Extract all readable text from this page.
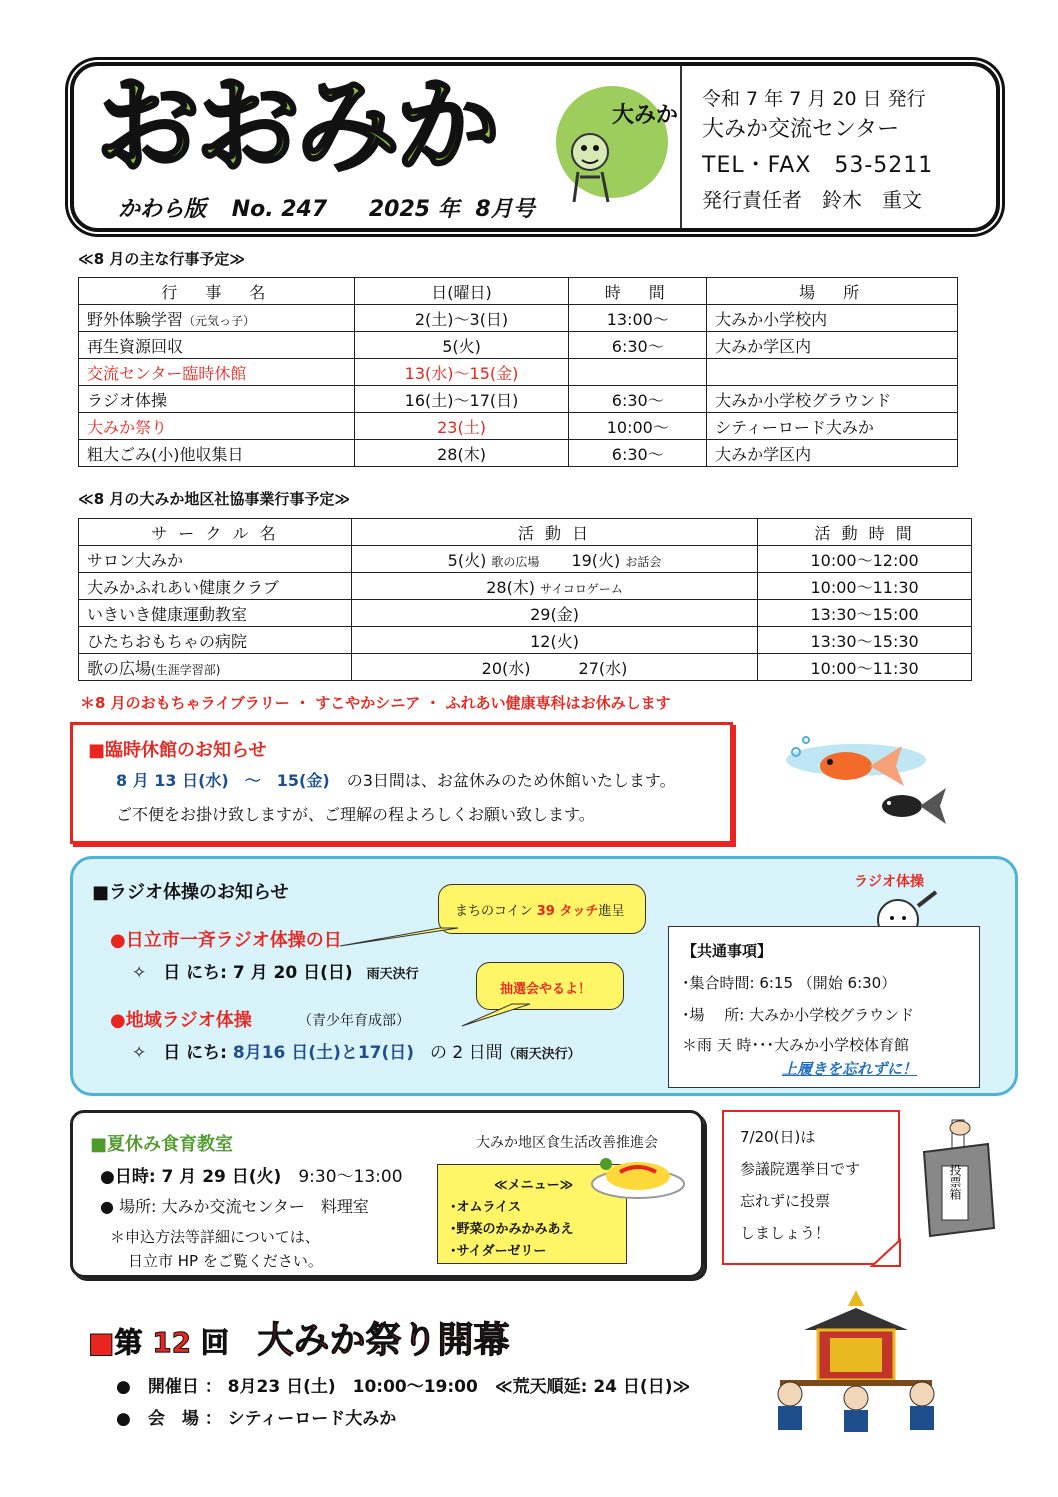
おおみか
かわら版 No. 247 2025 年 8月号
大みか
令和 7 年 7 月 20 日 発行
大みか交流センター
TEL・FAX　53-5211
発行責任者　鈴木　重文
≪8 月の主な行事予定≫
行　事　名	日(曜日)	時　間	場　所
野外体験学習（元気っ子）	2(土)～3(日)	13:00～	大みか小学校内
再生資源回収	5(火)	6:30～	大みか学区内
交流センター臨時休館	13(水)～15(金)		
ラジオ体操	16(土)～17(日)	6:30～	大みか小学校グラウンド
大みか祭り	23(土)	10:00～	シティーロード大みか
粗大ごみ(小)他収集日	28(木)	6:30～	大みか学区内
≪8 月の大みか地区社協事業行事予定≫
サ ー ク ル 名	活 動 日	活 動 時 間
サロン大みか	5(火) 歌の広場　　 19(火) お話会	10:00～12:00
大みかふれあい健康クラブ	28(木) サイコロゲーム	10:00～11:30
いきいき健康運動教室	29(金)	13:30～15:00
ひたちおもちゃの病院	12(火)	13:30～15:30
歌の広場(生涯学習部)	20(水)　　　 27(水)	10:00～11:30
＊8 月のおもちゃライブラリー ・ すこやかシニア ・ ふれあい健康専科はお休みします
■臨時休館のお知らせ
8 月 13 日(水)　～　15(金) の3日間は、お盆休みのため休館いたします。
ご不便をお掛け致しますが、ご理解の程よろしくお願い致します。
■ラジオ体操のお知らせ
まちのコイン 39 タッチ進呈
●日立市一斉ラジオ体操の日
✧　 日 にち: 7 月 20 日(日) 雨天決行
抽選会やるよ！
●地域ラジオ体操	（青少年育成部）
✧　 日 にち: 8月16 日(土)と17(日) の 2 日間（雨天決行）
ラジオ体操
【共通事項】
･集合時間: 6:15 （開始 6:30）
･場　 所: 大みか小学校グラウンド
＊雨 天 時･･･大みか小学校体育館
上履きを忘れずに！
■夏休み食育教室	大みか地区食生活改善推進会
●日時: 7 月 29 日(火)　 9:30～13:00
● 場所: 大みか交流センター　料理室
＊申込方法等詳細については、
日立市 HP をご覧ください。
≪メニュー≫
･オムライス
･野菜のかみかみあえ
･サイダーゼリー
7/20(日)は
参議院選挙日です
忘れずに投票
しましょう！
投票箱
■第 12 回 大みか祭り開幕
●　開催日 ： 8月23 日(土)　10:00～19:00　 ≪荒天順延: 24 日(日)≫
●　会　場 ： シティーロード大みか
